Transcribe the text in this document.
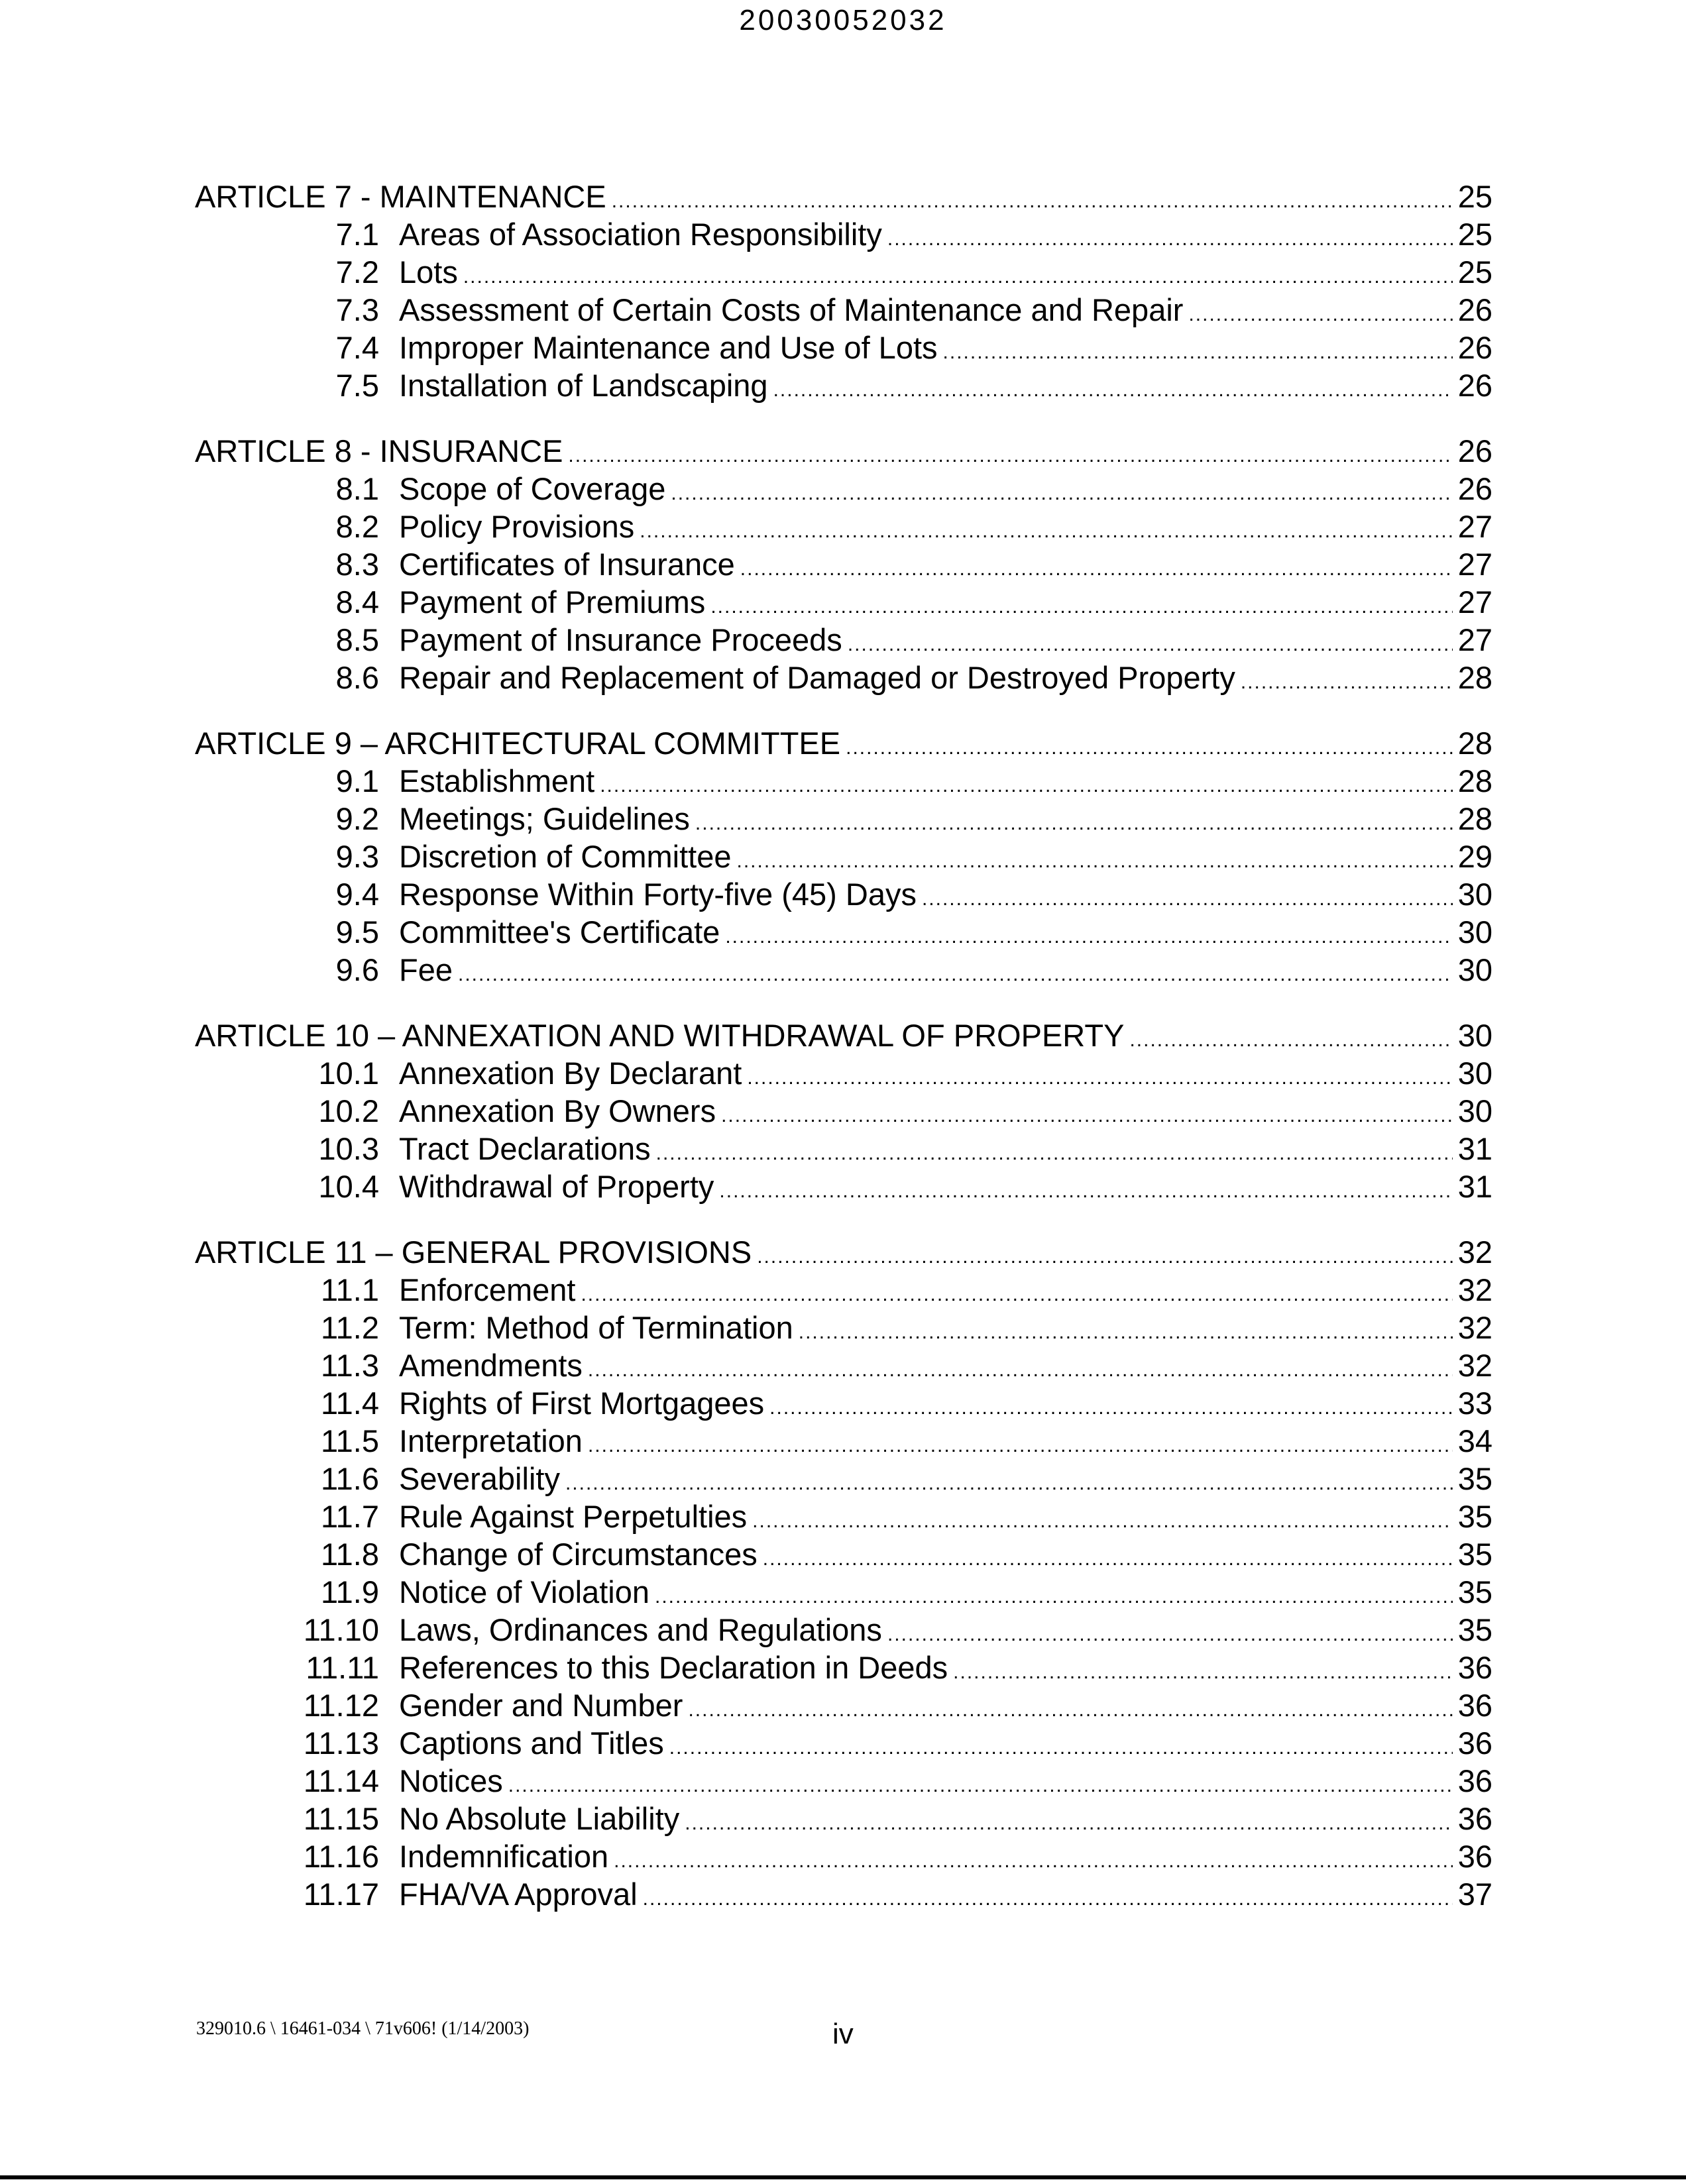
20030052032
ARTICLE 7 - MAINTENANCE .....	25
7.1 Areas of Association Responsibility .....	25
7.2 Lots .....	25
7.3 Assessment of Certain Costs of Maintenance and Repair .....	26
7.4 Improper Maintenance and Use of Lots .....	26
7.5 Installation of Landscaping .....	26
ARTICLE 8 - INSURANCE .....	26
8.1 Scope of Coverage .....	26
8.2 Policy Provisions .....	27
8.3 Certificates of Insurance .....	27
8.4 Payment of Premiums .....	27
8.5 Payment of Insurance Proceeds .....	27
8.6 Repair and Replacement of Damaged or Destroyed Property .....	28
ARTICLE 9 – ARCHITECTURAL COMMITTEE .....	28
9.1 Establishment .....	28
9.2 Meetings; Guidelines .....	28
9.3 Discretion of Committee .....	29
9.4 Response Within Forty-five (45) Days .....	30
9.5 Committee's Certificate .....	30
9.6 Fee .....	30
ARTICLE 10 – ANNEXATION AND WITHDRAWAL OF PROPERTY .....	30
10.1 Annexation By Declarant .....	30
10.2 Annexation By Owners .....	30
10.3 Tract Declarations .....	31
10.4 Withdrawal of Property .....	31
ARTICLE 11 – GENERAL PROVISIONS .....	32
11.1 Enforcement .....	32
11.2 Term: Method of Termination .....	32
11.3 Amendments .....	32
11.4 Rights of First Mortgagees .....	33
11.5 Interpretation .....	34
11.6 Severability .....	35
11.7 Rule Against Perpetulties .....	35
11.8 Change of Circumstances .....	35
11.9 Notice of Violation .....	35
11.10 Laws, Ordinances and Regulations .....	35
11.11 References to this Declaration in Deeds .....	36
11.12 Gender and Number .....	36
11.13 Captions and Titles .....	36
11.14 Notices .....	36
11.15 No Absolute Liability .....	36
11.16 Indemnification .....	36
11.17 FHA/VA Approval .....	37
329010.6 \ 16461-034 \ 71v606! (1/14/2003)	iv
